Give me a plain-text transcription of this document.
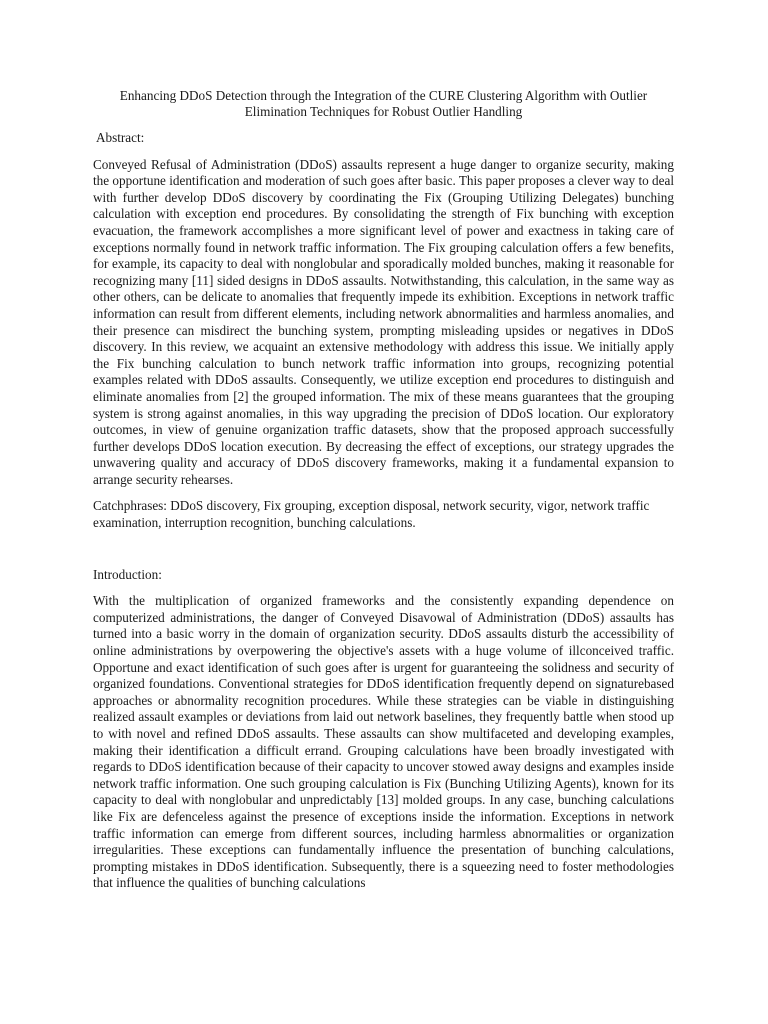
Enhancing DDoS Detection through the Integration of the CURE Clustering Algorithm with Outlier Elimination Techniques for Robust Outlier Handling
Abstract:

Conveyed Refusal of Administration (DDoS) assaults represent a huge danger to organize security, making the opportune identification and moderation of such goes after basic. This paper proposes a clever way to deal with further develop DDoS discovery by coordinating the Fix (Grouping Utilizing Delegates) bunching calculation with exception end procedures. By consolidating the strength of Fix bunching with exception evacuation, the framework accomplishes a more significant level of power and exactness in taking care of exceptions normally found in network traffic information. The Fix grouping calculation offers a few benefits, for example, its capacity to deal with nonglobular and sporadically molded bunches, making it reasonable for recognizing many [11] sided designs in DDoS assaults. Notwithstanding, this calculation, in the same way as other others, can be delicate to anomalies that frequently impede its exhibition. Exceptions in network traffic information can result from different elements, including network abnormalities and harmless anomalies, and their presence can misdirect the bunching system, prompting misleading upsides or negatives in DDoS discovery. In this review, we acquaint an extensive methodology with address this issue. We initially apply the Fix bunching calculation to bunch network traffic information into groups, recognizing potential examples related with DDoS assaults. Consequently, we utilize exception end procedures to distinguish and eliminate anomalies from [2] the grouped information. The mix of these means guarantees that the grouping system is strong against anomalies, in this way upgrading the precision of DDoS location. Our exploratory outcomes, in view of genuine organization traffic datasets, show that the proposed approach successfully further develops DDoS location execution. By decreasing the effect of exceptions, our strategy upgrades the unwavering quality and accuracy of DDoS discovery frameworks, making it a fundamental expansion to arrange security rehearses.

Catchphrases: DDoS discovery, Fix grouping, exception disposal, network security, vigor, network traffic examination, interruption recognition, bunching calculations.

Introduction:

With the multiplication of organized frameworks and the consistently expanding dependence on computerized administrations, the danger of Conveyed Disavowal of Administration (DDoS) assaults has turned into a basic worry in the domain of organization security. DDoS assaults disturb the accessibility of online administrations by overpowering the objective's assets with a huge volume of illconceived traffic. Opportune and exact identification of such goes after is urgent for guaranteeing the solidness and security of organized foundations. Conventional strategies for DDoS identification frequently depend on signaturebased approaches or abnormality recognition procedures. While these strategies can be viable in distinguishing realized assault examples or deviations from laid out network baselines, they frequently battle when stood up to with novel and refined DDoS assaults. These assaults can show multifaceted and developing examples, making their identification a difficult errand. Grouping calculations have been broadly investigated with regards to DDoS identification because of their capacity to uncover stowed away designs and examples inside network traffic information. One such grouping calculation is Fix (Bunching Utilizing Agents), known for its capacity to deal with nonglobular and unpredictably [13] molded groups. In any case, bunching calculations like Fix are defenceless against the presence of exceptions inside the information. Exceptions in network traffic information can emerge from different sources, including harmless abnormalities or organization irregularities. These exceptions can fundamentally influence the presentation of bunching calculations, prompting mistakes in DDoS identification. Subsequently, there is a squeezing need to foster methodologies that influence the qualities of bunching calculations
